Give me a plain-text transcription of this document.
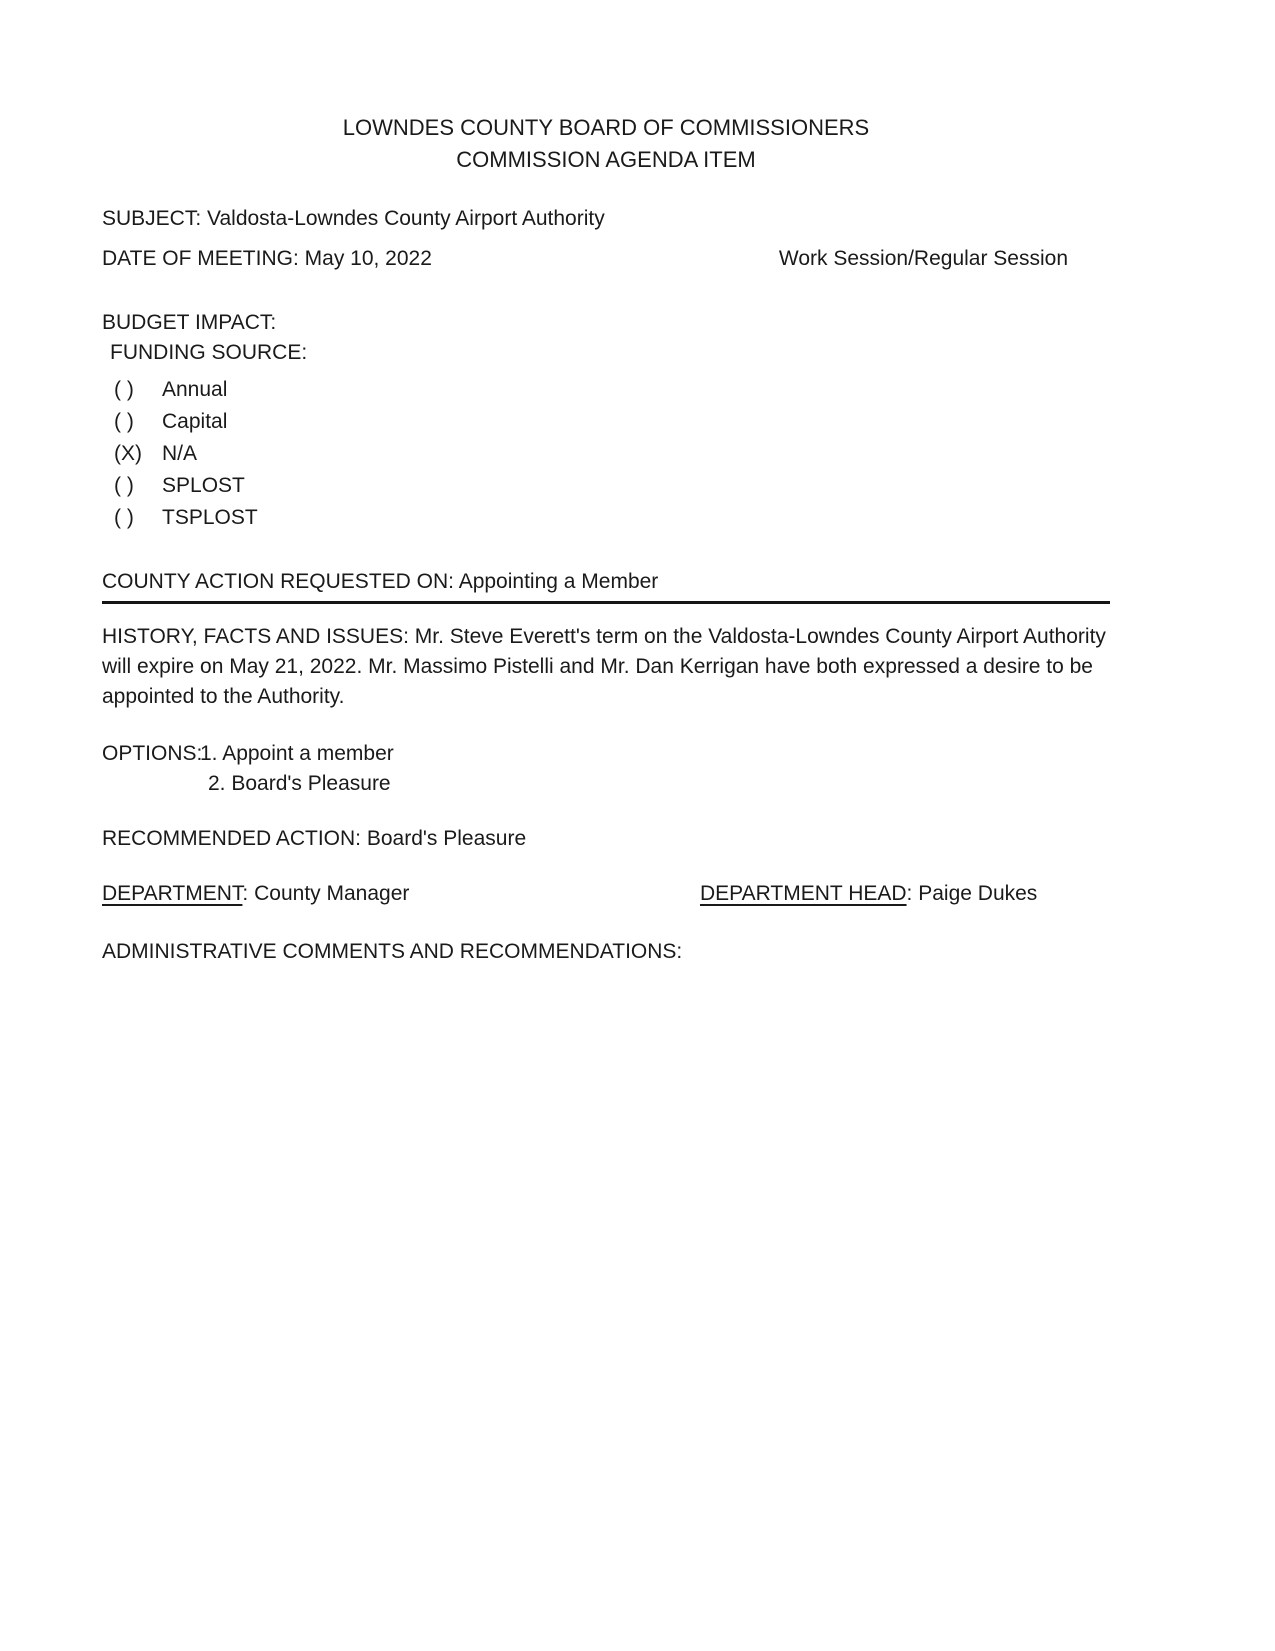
LOWNDES COUNTY BOARD OF COMMISSIONERS
COMMISSION AGENDA ITEM
SUBJECT: Valdosta-Lowndes County Airport Authority
DATE OF MEETING: May 10, 2022	Work Session/Regular Session
BUDGET IMPACT:
FUNDING SOURCE:
( )	Annual
( )	Capital
(X) N/A
( )	SPLOST
( )	TSPLOST
COUNTY ACTION REQUESTED ON: Appointing a Member
HISTORY, FACTS AND ISSUES: Mr. Steve Everett's term on the Valdosta-Lowndes County Airport Authority will expire on May 21, 2022. Mr. Massimo Pistelli and Mr. Dan Kerrigan have both expressed a desire to be appointed to the Authority.
OPTIONS:
1. Appoint a member
2. Board's Pleasure
RECOMMENDED ACTION: Board's Pleasure
DEPARTMENT: County Manager	DEPARTMENT HEAD: Paige Dukes
ADMINISTRATIVE COMMENTS AND RECOMMENDATIONS:
